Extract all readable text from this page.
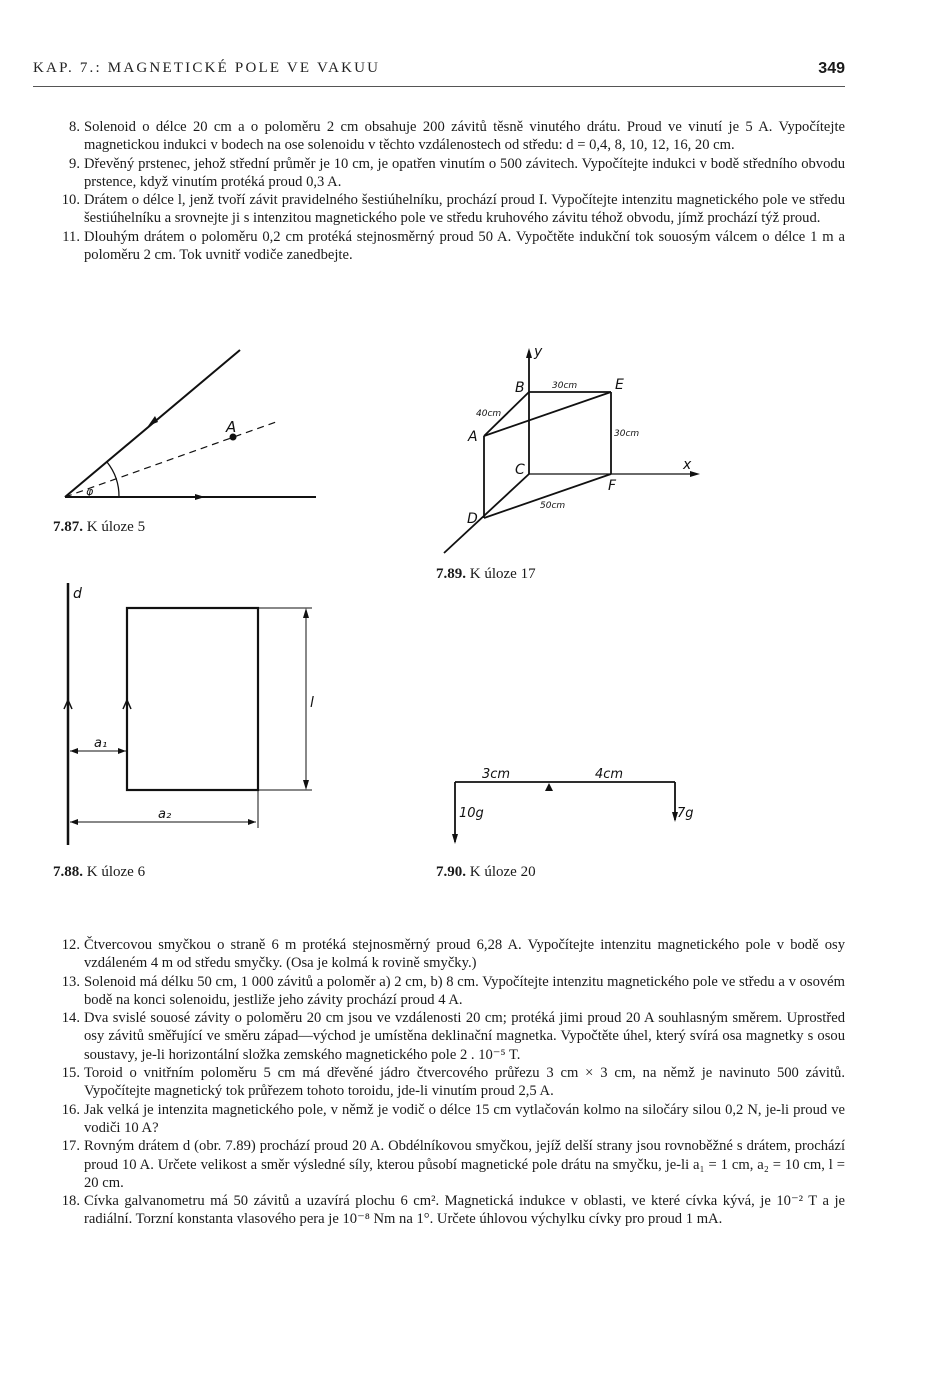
KAP. 7.: MAGNETICKÉ POLE VE VAKUU	349
8. Solenoid o délce 20 cm a o poloměru 2 cm obsahuje 200 závitů těsně vinutého drátu. Proud ve vinutí je 5 A. Vypočítejte magnetickou indukci v bodech na ose solenoidu v těchto vzdálenostech od středu: d = 0,4, 8, 10, 12, 16, 20 cm.
9. Dřevěný prstenec, jehož střední průměr je 10 cm, je opatřen vinutím o 500 závitech. Vypočítejte indukci v bodě středního obvodu prstence, když vinutím protéká proud 0,3 A.
10. Drátem o délce l, jenž tvoří závit pravidelného šestiúhelníku, prochází proud I. Vypočítejte intenzitu magnetického pole ve středu šestiúhelníku a srovnejte ji s intenzitou magnetického pole ve středu kruhového závitu téhož obvodu, jímž prochází týž proud.
11. Dlouhým drátem o poloměru 0,2 cm protéká stejnosměrný proud 50 A. Vypočtěte indukční tok souosým válcem o délce 1 m a poloměru 2 cm. Tok uvnitř vodiče zanedbejte.
A
φ
7.87. K úloze 5
y
x
B	E
A
C
F
D
30cm
40cm
30cm
50cm
7.89. K úloze 17
d
a₁
a₂
l
7.88. K úloze 6
3cm	4cm
10g	7g
7.90. K úloze 20
12. Čtvercovou smyčkou o straně 6 m protéká stejnosměrný proud 6,28 A. Vypočítejte intenzitu magnetického pole v bodě osy vzdáleném 4 m od středu smyčky. (Osa je kolmá k rovině smyčky.)
13. Solenoid má délku 50 cm, 1 000 závitů a poloměr a) 2 cm, b) 8 cm. Vypočítejte intenzitu magnetického pole ve středu a v osovém bodě na konci solenoidu, jestliže jeho závity prochází proud 4 A.
14. Dva svislé souosé závity o poloměru 20 cm jsou ve vzdálenosti 20 cm; protéká jimi proud 20 A souhlasným směrem. Uprostřed osy závitů směřující ve směru západ—východ je umístěna deklinační magnetka. Vypočtěte úhel, který svírá osa magnetky s osou soustavy, je-li horizontální složka zemského magnetického pole 2 . 10⁻⁵ T.
15. Toroid o vnitřním poloměru 5 cm má dřevěné jádro čtvercového průřezu 3 cm × 3 cm, na němž je navinuto 500 závitů. Vypočítejte magnetický tok průřezem tohoto toroidu, jde-li vinutím proud 2,5 A.
16. Jak velká je intenzita magnetického pole, v němž je vodič o délce 15 cm vytlačován kolmo na siločáry silou 0,2 N, je-li proud ve vodiči 10 A?
17. Rovným drátem d (obr. 7.89) prochází proud 20 A. Obdélníkovou smyčkou, jejíž delší strany jsou rovnoběžné s drátem, prochází proud 10 A. Určete velikost a směr výsledné síly, kterou působí magnetické pole drátu na smyčku, je-li a₁ = 1 cm, a₂ = 10 cm, l = 20 cm.
18. Cívka galvanometru má 50 závitů a uzavírá plochu 6 cm². Magnetická indukce v oblasti, ve které cívka kývá, je 10⁻² T a je radiální. Torzní konstanta vlasového pera je 10⁻⁸ Nm na 1°. Určete úhlovou výchylku cívky pro proud 1 mA.
